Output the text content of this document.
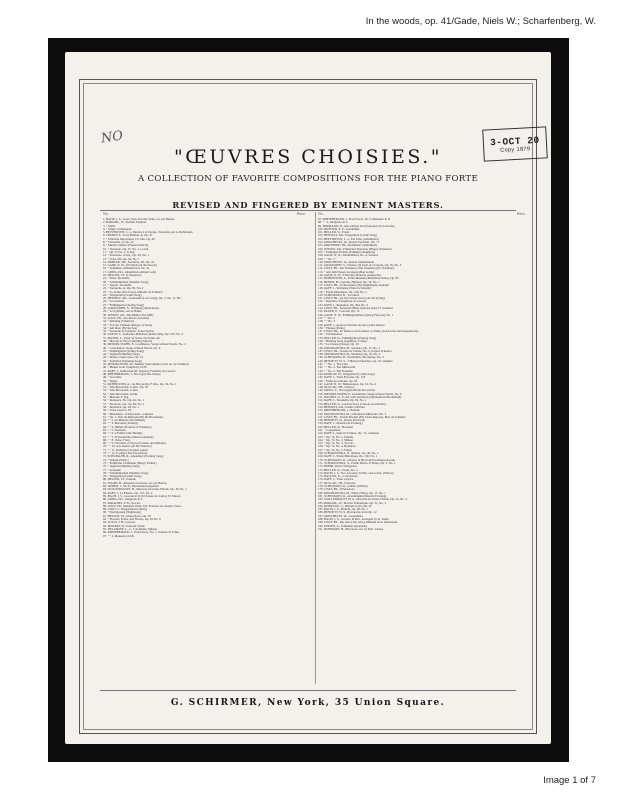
In the woods, op. 41/Gade, Niels W.; Scharfenberg, W.
NO	3-OCT 20
Copy 1879
"ŒUVRES CHOISIES."
A COLLECTION OF FAVORITE COMPOSITIONS FOR THE PIANO FORTE
REVISED AND FINGERED BY EMINENT MASTERS.
No.	Price.	No.	Price.
1. BACH, J. S., Loure from 3d Cello Suite, arr. par Heinze
2. BARGIEL, W., Premier Papillon
3. " Idylle
4. " Tempo di Menuetto
5. BEETHOVEN, L. v., Marche à la Turque. Transcrite par A. Rubinstein
6. CHOPIN, F., Trois Ballade, A; Op. 47
7. " Fantaisie Impromptu, C#, min. Op. 66
8. " Tarantelle, A; Op. 43
9. " Marche funèbre (Funeral March)
10. " Nocturne, Op. 37, No. 1, G min.
11. " Op. 37 No. 2, G maj.
12. " Polonaise, A maj., Op. 40, No. 1
13. " Valse, Db, Op. 64, No. 1
14. DOHLER, TH., Nocturne, Db, Op. 24
15. GADE, N. W., Im Walde (In the Woods)
16. " Sylphiden (Albumleaves, No. 2)
17. GRIEG, ED., Albumblatt (Album Leaf)
18. HELLER, ST., Il Penseroso
19. " Petite Tarantelle
20. " Schlummerlied (Slumber Song)
21. " Napoli, Tarantelle
22. " Tarantelle, A; Op. 85, No. 2
23. " La Truite (The Trout), Mélodie de Schubert
24. " Wiegenlied (Cradle Song)
25. HENSELT, AD., Liebeslied (Love Song), Op. 5, No. 11, Bb
26. " La Gondola
27. " Frühlingslied (Spring Song)
28. JADASSOHN, S., Widmung (Dedication)
29. " La Sylphide, Air de Ballet
30. JENSEN, AD., Die Mühle (The Mill)
31. LISZT, FR., Ave Maria (Arcadelt)
32. " Erlkönig (Schubert)
33. " Lob der Thränen (Eulogy of Tears)
34. " Am Meer (By the Sea)
35. " Serenade de Schubert. Transcription
36. LOEWE C., Indisches Mädchen (Indian Tale), Op. 107, No. 2
37. MAYER, C., Fleur de Salon, Nocturne, Ab
38. " Marche de Noce (Wedding March)
39. MENDELSSOHN, F., Confidence. Songs without Words. No. 4
40. " Consolation. Songs without Words. No. 9
41. " Frühlingslied (Spring Song)
42. " Jagdlied (Hunting Song)
43. " Rondo Capriccioso, Op. 14
44. " Spinnlied (Spinning Song)
45. MOSZKOWSKI, M., Menuet from Quintet, in D, arr. by Schuhoff
46. " Minuet from Symphony, in Eb
47. RAFF, J., Tambourin (R. Wagner), Fantaisie de Concert
48. RHEINBERGER, J., Die Jagd (The Chase)
49. " Toccatina
50. " Fugue
51. RUBINSTEIN, A., 1re Barcarolle, F min., Op. 30, No. 1
52. " 2me Barcarolle, G min., Op. 50
53. " 3me Barcarolle, G min.
54. " 4me Barcarolle, A min.
55. " Mélodie, F maj.
56. " Romance, Eb, Op. 44, No. 1
57. " Nocturne, Gb, Op. 69, No. 2
58. " Romance, Op. 44, No. 1
59. " Valse Caprice, Eb
60. " Miniatures, 12 Morceaux, complete
61. " No. 1. Près du Ruisseau (By the Brookside)
62. " " 2. Le Menuet (The Minuet)
63. " " 3. Berceuse (Lullaby)
64. " " 4. Hallali (Flourish of Trumpets)
65. " " 5. Sentando
66. " " 6. L'Ermite (The Hermit)
67. " " 7. El Dachtarma (Mauro-Oriental)
68. " " 8. Valse, F maj.
69. " " 9. Chevalier et Payse (Cavalier and Maiden)
70. " " 10. A la fenêtre (At the Window)
71. " " 11. Romance (To meet again)
72. " " 12. Cortège (The Procession)
73. SCHUMANN, R., Abendlied (Evening Song)
74. " Warum (Why?)
75. " Fröhlicher Landmann (Happy Farmer)
76. " Jagdlied (Hunting Song)
77. " Arabeske
78. " Schlummerlied (Slumber Song)
79. " Wiegenlied (Cradle Song)
80. HELLER, ST., Prelude
81. TOURS, B., Allegretto Grazioso, arr. par Barnes
82. WEBER, C. M. de, Mouvement perpétuel
83. WOLLENHAUPT, H., Morceau en forme d'Étude, Op. 39, No. 1
84. RAFF, J., La Fileuse, Op. 157, No. 2
85. BACH, J. S., Gavotte in D (3d Sonata for Cello). W. Mason
86. GRIEG, ED., Allegretto in C
87. PARADIES, P. D., Toccata
88. LISZT, FR., Maiden's Wish. Chr. Polonais de Chopin. Trans.
89. VOGT, J., Wiegenlied (Lullaby)
90. " Nachtgesang (Nightsong)
91. HELLER, ST., Improvisata, Op. 18
92. " Flowers, Fruits, and Thorns, Op. 82 No. 9
93. LULLY, J. B., Gavotte
94. MOZART, W., Pastoral Variée
95. DELAHAYE, L. L., Colombine, Minuet
96. RHEINBERGER, J., Four Pieces, No. 1, Scherzo in F min.
97. " " 2, Menuetto in Db
97. RHEINBERGER, J., Four Pieces. No 3, Menuetto in D
98. " " 4, Allegretto in A
99. HOFMANN, H., Aus schöner Zeit (Potpourri du Souvenir)
100. RICHTER, E. F., Gondellied
101. HELLER, St., Etude
102. HENSELT, AD., Wiegenlied (Cradle Song)
103. BEETHOVEN, L. v., Für Elise (Albumblatt)
104. MOSCHELES, IG., Rondo Espressif, Op. 71
105. KIRCHNER, TH., Albumblatt (Albumleaf)
106. JENSEN, AD., Fröhlicher Wanderer (Happy Wanderer)
107. " Erlkönigs Töchter (Erlking's Daughters)
108. GADE, N. W., Albumblätter, No. 4, Scherzo
109. " " No. 3
110. MOSCHELES, IG., Rondo Sentimentale
111. JADASSOHN, S., Scherzo (In form of a Canon), Op. 35, No. 3
112. LISZT, FR., Der Wanderer (The Wanderer) (Fr. Schubert)
113. " Auf dem Wasser zu singen (Barcarolle)
114. GADE, N. W., Scherzino, Bourrée (Aquarelle)
115. RUBINSTEIN, A., Polka Bohème (Bohemian Polka), Op. 82
116. HUBER, H., Gavotte, Humour, Op. 14, No. 1
117. LISZT, FR., Le Rossignol (The Nightingale) Alabieff
118. RAFF, J., Sicilienne (Suite in Sixtieth)
119. " Etude Mélodique, Op. 130, No. 2
120. SCHUMANN, R., Toccatina
121. LISZT, FR., Au bord d'une source (At the Spring)
122. " Rigoletto. Paraphrase de Concert
123. RAFF, J., Rigaudon, Op. 204, No. 3
124. LISZT, FR., Serenade (Hark, hark the lark), Fr. Schubert
125. PAUER, E., Cascade, Op. 13
126. GADE, N. W., Frühlingsblumen (Spring Flowers), No. 1
127. " " No. 2
128. " " No. 3
129. RAFF, J., Aprés le matches de solo (After sunset)
130. " Fileuse (Polka)
131. LISZT, FR., O! Wenn es doch immer so bliebe (Gold is the field beneath me)
132. " Enchantation
133. HELLER, St., Frühlingslied (Spring Song)
134. " Hunting Song (Jagdlied), E major
135. " La Chasse (Chase), Op. 29
136. MOSZKOWSKI, M., Serenata, Op. 15, No. 1
137. LISZT, FR., Soirées de Vienne, No. 6, d'après Schubert
138. MOSZKOWSKI, M., Mazurka, Op. 10, No. 3
139. SCHUMANN, R., Nachtstück (Nocturne), No. 4
140. BENNETT, W. S., 3 Musical Sketches, Op. 10 complete
141. " " No. 1. The Lake
142. " " No. 2. The Millstream
143. " " No. 3. The Fountain
144. KJERULF, H., Wiegenlied (Cradle Song)
145. RAFF, J., Valse Favorite, Op. 118
146. " Polka de la Reine, Op. 95
147. GADE, N. W., Humoresque, Op. 19, No. 4
148. KULLAK, TH., Scherzo
149. GRIEG, E., Norwegian Bridal Procession
150. MENDELSSOHN, F., Gondellied. Songs without Words, No. 6
151. HANDEL, G. F., Air with Variations (Harmonious Blacksmith)
152. RAFF, J., Tarantella, Op. 82, No. 1
153. HELLER, St., Curious Story (Curiose Geschichte)
154. HENSELT, AD., Poème d'Amour
155. RHEINBERGER, J., Ballade
156. MOSZKOWSKI, M., 2 Moments Musicaux, No. 2
157. LISZT, FR., Sei Du Frieden (My Sweet Repose), Mél. de Schubert
158. BENNETT, W., Rondo Piacevole
159. RAFF, J., Abends (At Evening)
160. HELLER, St., Brooklet
161. " Coquetterie
162. RAFF, J., Suite in E minor, Op. 72, complete
163. " Op. 72, No. 1, Prelude
164. " Op. 72, No. 2, Minuet
165. " Op. 72, No. 3, Toccata
166. " Op. 72, No. 4, Romance
167. " Op. 72, No. 5, Fugue
168. SCHARWENKA, X., Minuet, Op. 49, No. 1
169. RAFF, J., Etude Mélodique, Op. 130, No. 1
170. SCHUMANN, R., Scherzo in Bb from Faschingsschwank
171. SCHARWENKA, X., Polish Dance, E minor, Op. 3, No. 1
172. BOHM, Dance Villageoise
173. HELLER, St., Etude, No. 5
174. BACH, J. S., Two Gavottes, D min. and G min. (Wilson)
175. HALLER, St., L'Avalanche
176. RAFF, J., Valse Caprice
177. KULLAK, TH., Pastorale
178. SCHUMANN, R., Grillen (Whims)
179. LISZT, FR., Il Penseroso
180. MOSZKOWSKI, M., Waltz (Valse), Op. 15, No. 1
181. SCHUMANN, R., Abendmusik (Musical Evening)
182. WOLLENHAUPT, H. A., Morceau en forme d'Étude, Op. 22, No. 4
183. BARGIEL, W., Marche Fantastique, Op. 31, No. 3
184. REINECKE, C., Ballade in Ab, Op. 20
185. BACH, J. S., Prelude, Op. 48, No. 1
186. BENNETT, W. S., Barcarolle, from Op. 12
187. MOSCHELES, IG., Gondellied
188. BACH, J. S., Gavotte, B min., Arranged by St. Saëns
189. LISZT, FR., Der Asra (The Asra), Mélodie de A. Rubinstein
190. JENSEN, A., Schnellen (Serenade)
191. HOFMANN, H., Barcarole, Arr. by Rob. Chafee
G. SCHIRMER, New York, 35 Union Square.
Image 1 of 7
